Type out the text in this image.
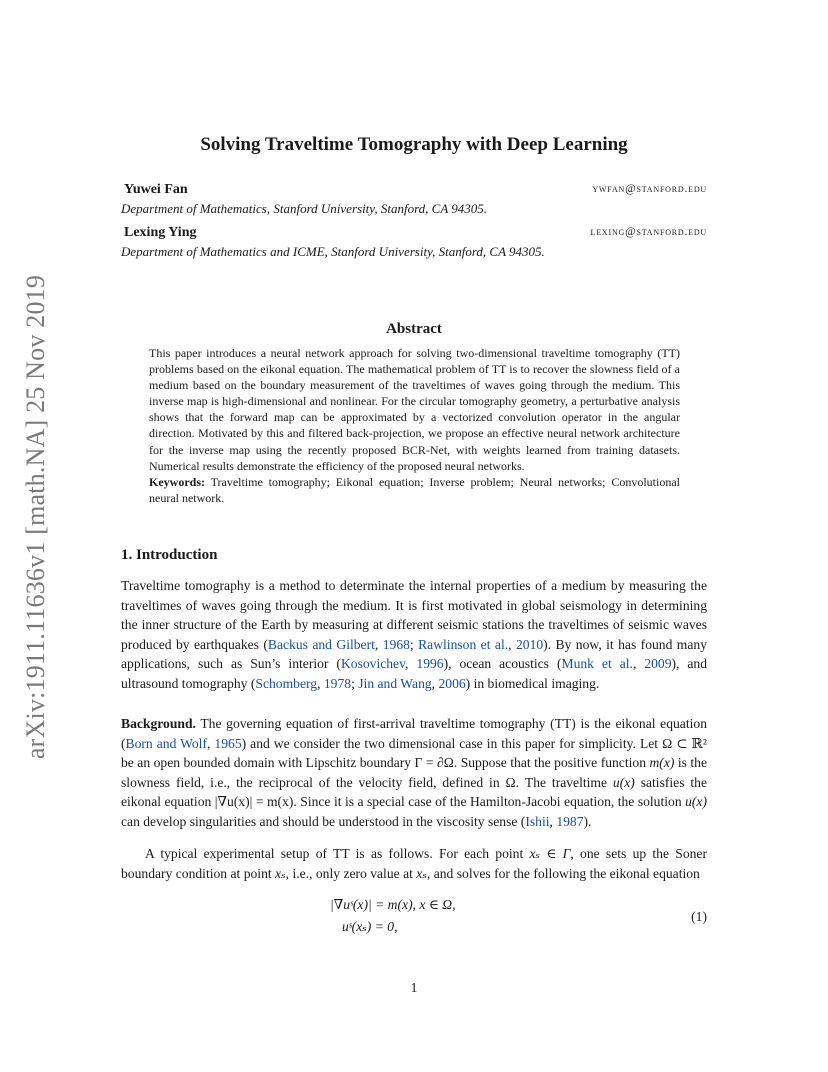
arXiv:1911.11636v1 [math.NA] 25 Nov 2019
Solving Traveltime Tomography with Deep Learning
Yuwei Fan	ywfan@stanford.edu
Department of Mathematics, Stanford University, Stanford, CA 94305.
Lexing Ying	lexing@stanford.edu
Department of Mathematics and ICME, Stanford University, Stanford, CA 94305.
Abstract

This paper introduces a neural network approach for solving two-dimensional traveltime tomography (TT) problems based on the eikonal equation. The mathematical problem of TT is to recover the slowness field of a medium based on the boundary measurement of the traveltimes of waves going through the medium. This inverse map is high-dimensional and nonlinear. For the circular tomography geometry, a perturbative analysis shows that the forward map can be approximated by a vectorized convolution operator in the angular direction. Motivated by this and filtered back-projection, we propose an effective neural network architecture for the inverse map using the recently proposed BCR-Net, with weights learned from training datasets. Numerical results demonstrate the efficiency of the proposed neural networks.

Keywords: Traveltime tomography; Eikonal equation; Inverse problem; Neural networks; Convolutional neural network.

1. Introduction

Traveltime tomography is a method to determinate the internal properties of a medium by measuring the traveltimes of waves going through the medium. It is first motivated in global seismology in determining the inner structure of the Earth by measuring at different seismic stations the traveltimes of seismic waves produced by earthquakes (Backus and Gilbert, 1968; Rawlinson et al., 2010). By now, it has found many applications, such as Sun’s interior (Kosovichev, 1996), ocean acoustics (Munk et al., 2009), and ultrasound tomography (Schomberg, 1978; Jin and Wang, 2006) in biomedical imaging.

Background. The governing equation of first-arrival traveltime tomography (TT) is the eikonal equation (Born and Wolf, 1965) and we consider the two dimensional case in this paper for simplicity. Let Ω ⊂ ℝ² be an open bounded domain with Lipschitz boundary Γ = ∂Ω. Suppose that the positive function m(x) is the slowness field, i.e., the reciprocal of the velocity field, defined in Ω. The traveltime u(x) satisfies the eikonal equation |∇u(x)| = m(x). Since it is a special case of the Hamilton-Jacobi equation, the solution u(x) can develop singularities and should be understood in the viscosity sense (Ishii, 1987).

A typical experimental setup of TT is as follows. For each point xₛ ∈ Γ, one sets up the Soner boundary condition at point xₛ, i.e., only zero value at xₛ, and solves for the following the eikonal equation

|∇uˢ(x)| = m(x), x ∈ Ω,
uˢ(xₛ) = 0,
(1)
1
